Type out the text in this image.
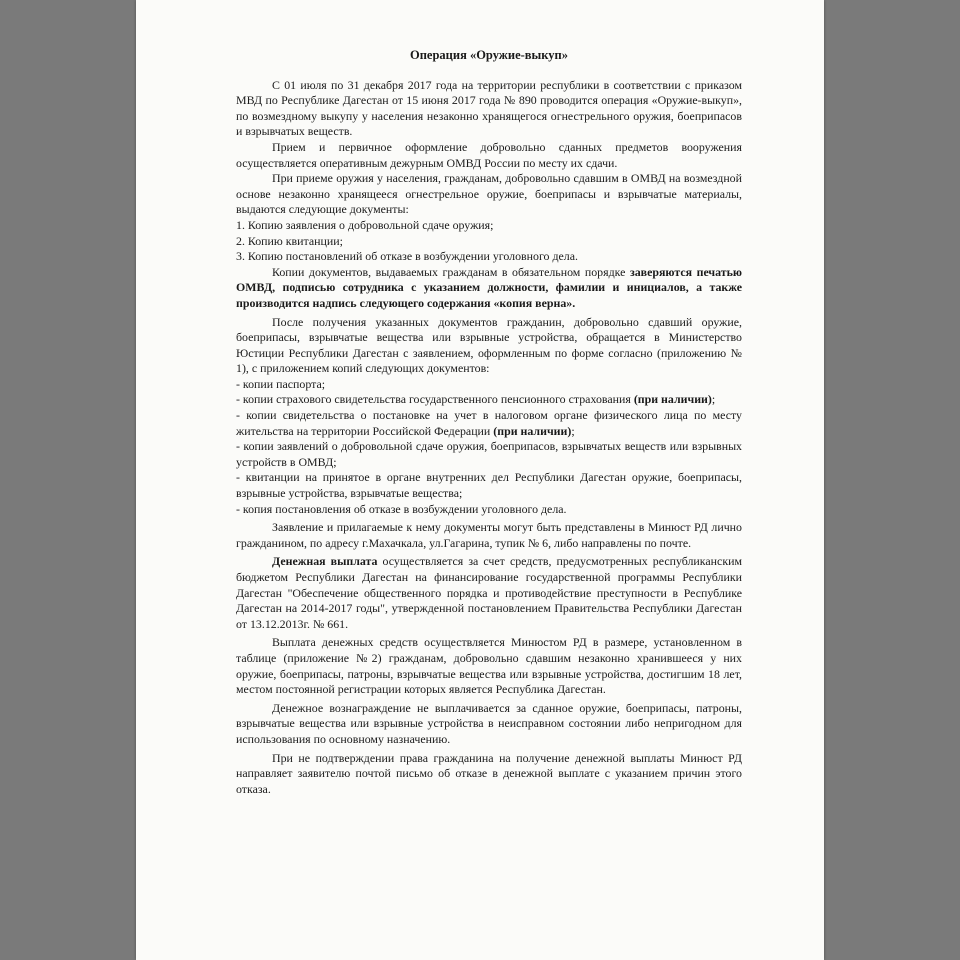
Операция «Оружие-выкуп»

С 01 июля по 31 декабря 2017 года на территории республики в соответствии с приказом МВД по Республике Дагестан от 15 июня 2017 года № 890 проводится операция «Оружие-выкуп», по возмездному выкупу у населения незаконно хранящегося огнестрельного оружия, боеприпасов и взрывчатых веществ.

Прием и первичное оформление добровольно сданных предметов вооружения осуществляется оперативным дежурным ОМВД России по месту их сдачи.

При приеме оружия у населения, гражданам, добровольно сдавшим в ОМВД на возмездной основе незаконно хранящееся огнестрельное оружие, боеприпасы и взрывчатые материалы, выдаются следующие документы:

1. Копию заявления о добровольной сдаче оружия;

2. Копию квитанции;

3. Копию постановлений об отказе в возбуждении уголовного дела.

Копии документов, выдаваемых гражданам в обязательном порядке заверяются печатью ОМВД, подписью сотрудника с указанием должности, фамилии и инициалов, а также производится надпись следующего содержания «копия верна».

После получения указанных документов гражданин, добровольно сдавший оружие, боеприпасы, взрывчатые вещества или взрывные устройства, обращается в Министерство Юстиции Республики Дагестан с заявлением, оформленным по форме согласно (приложению № 1), с приложением копий следующих документов:

- копии паспорта;

- копии страхового свидетельства государственного пенсионного страхования (при наличии);

- копии свидетельства о постановке на учет в налоговом органе физического лица по месту жительства на территории Российской Федерации (при наличии);

- копии заявлений о добровольной сдаче оружия, боеприпасов, взрывчатых веществ или взрывных устройств в ОМВД;

- квитанции на принятое в органе внутренних дел Республики Дагестан оружие, боеприпасы, взрывные устройства, взрывчатые вещества;

- копия постановления об отказе в возбуждении уголовного дела.

Заявление и прилагаемые к нему документы могут быть представлены в Минюст РД лично гражданином, по адресу г.Махачкала, ул.Гагарина, тупик № 6, либо направлены по почте.

Денежная выплата осуществляется за счет средств, предусмотренных республиканским бюджетом Республики Дагестан на финансирование государственной программы Республики Дагестан "Обеспечение общественного порядка и противодействие преступности в Республике Дагестан на 2014-2017 годы", утвержденной постановлением Правительства Республики Дагестан от 13.12.2013г. № 661.

Выплата денежных средств осуществляется Минюстом РД в размере, установленном в таблице (приложение №2) гражданам, добровольно сдавшим незаконно хранившееся у них оружие, боеприпасы, патроны, взрывчатые вещества или взрывные устройства, достигшим 18 лет, местом постоянной регистрации которых является Республика Дагестан.

Денежное вознаграждение не выплачивается за сданное оружие, боеприпасы, патроны, взрывчатые вещества или взрывные устройства в неисправном состоянии либо непригодном для использования по основному назначению.

При не подтверждении права гражданина на получение денежной выплаты Минюст РД направляет заявителю почтой письмо об отказе в денежной выплате с указанием причин этого отказа.
